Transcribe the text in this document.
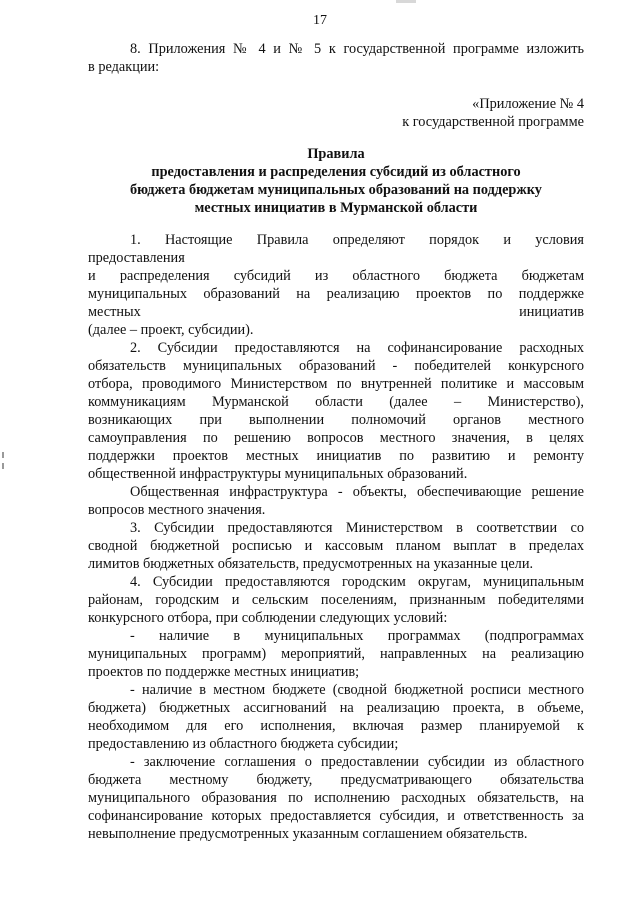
17
8. Приложения № 4 и № 5 к государственной программе изложить
в редакции:
«Приложение № 4
к государственной программе
Правила
предоставления и распределения субсидий из областного
бюджета бюджетам муниципальных образований на поддержку
местных инициатив в Мурманской области
1. Настоящие Правила определяют порядок и условия
предоставления
и распределения субсидий из областного бюджета бюджетам
муниципальных образований на реализацию проектов по поддержке
местных инициатив
(далее – проект, субсидии).
2. Субсидии предоставляются на софинансирование расходных
обязательств муниципальных образований - победителей конкурсного
отбора, проводимого Министерством по внутренней политике и массовым
коммуникациям Мурманской области (далее – Министерство),
возникающих при выполнении полномочий органов местного
самоуправления по решению вопросов местного значения, в целях
поддержки проектов местных инициатив по развитию и ремонту
общественной инфраструктуры муниципальных образований.
Общественная инфраструктура - объекты, обеспечивающие решение
вопросов местного значения.
3. Субсидии предоставляются Министерством в соответствии со
сводной бюджетной росписью и кассовым планом выплат в пределах
лимитов бюджетных обязательств, предусмотренных на указанные цели.
4. Субсидии предоставляются городским округам, муниципальным
районам, городским и сельским поселениям, признанным победителями
конкурсного отбора, при соблюдении следующих условий:
- наличие в муниципальных программах (подпрограммах
муниципальных программ) мероприятий, направленных на реализацию
проектов по поддержке местных инициатив;
- наличие в местном бюджете (сводной бюджетной росписи местного
бюджета) бюджетных ассигнований на реализацию проекта, в объеме,
необходимом для его исполнения, включая размер планируемой к
предоставлению из областного бюджета субсидии;
- заключение соглашения о предоставлении субсидии из областного
бюджета местному бюджету, предусматривающего обязательства
муниципального образования по исполнению расходных обязательств, на
софинансирование которых предоставляется субсидия, и ответственность за
невыполнение предусмотренных указанным соглашением обязательств.
